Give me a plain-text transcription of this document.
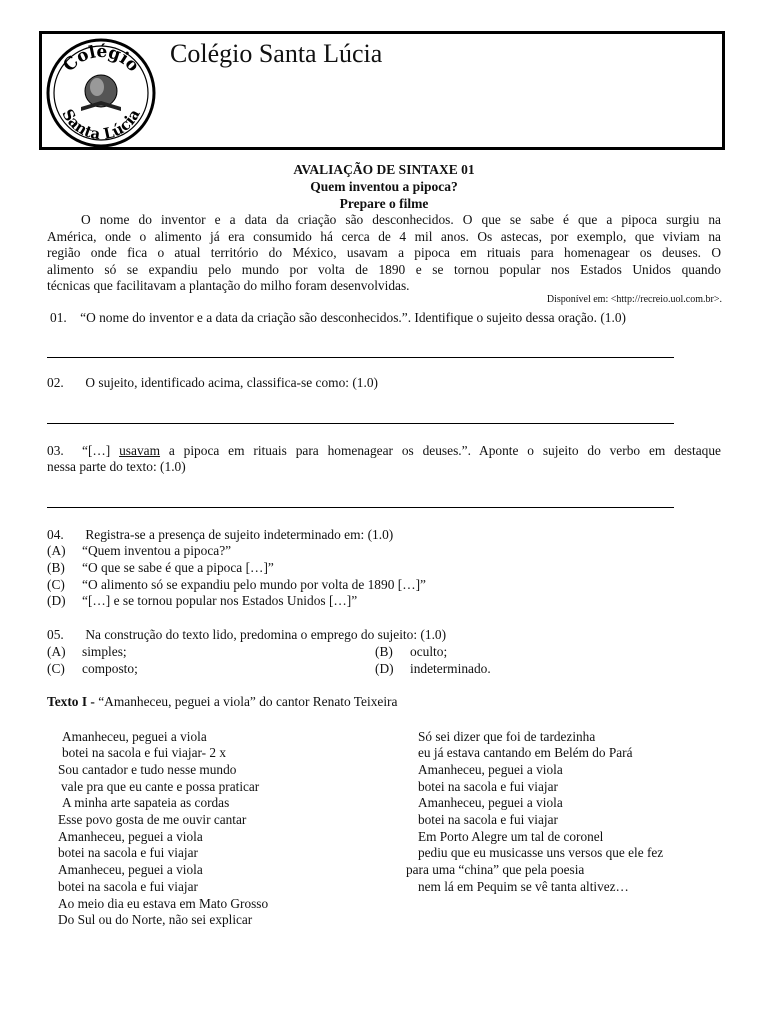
Colégio
Santa Lúcia
Colégio Santa Lúcia
AVALIAÇÃO DE SINTAXE 01
Quem inventou a pipoca?
Prepare o filme
O nome do inventor e a data da criação são desconhecidos. O que se sabe é que a pipoca surgiu na
América, onde o alimento já era consumido há cerca de 4 mil anos. Os astecas, por exemplo, que viviam na
região onde fica o atual território do México, usavam a pipoca em rituais para homenagear os deuses. O
alimento só se expandiu pelo mundo por volta de 1890 e se tornou popular nos Estados Unidos quando
técnicas que facilitavam a plantação do milho foram desenvolvidas.
Disponível em: <http://recreio.uol.com.br>.
01. “O nome do inventor e a data da criação são desconhecidos.”. Identifique o sujeito dessa oração. (1.0)
02. O sujeito, identificado acima, classifica-se como: (1.0)
03. “[…] usavam a pipoca em rituais para homenagear os deuses.”. Aponte o sujeito do verbo em destaque
nessa parte do texto: (1.0)
04. Registra-se a presença de sujeito indeterminado em: (1.0)
(A) “Quem inventou a pipoca?”
(B) “O que se sabe é que a pipoca […]”
(C) “O alimento só se expandiu pelo mundo por volta de 1890 […]”
(D) “[…] e se tornou popular nos Estados Unidos […]”
05. Na construção do texto lido, predomina o emprego do sujeito: (1.0)
(A) simples;	(B) oculto;
(C) composto;	(D) indeterminado.
Texto I - “Amanheceu, peguei a viola” do cantor Renato Teixeira
Amanheceu, peguei a viola
botei na sacola e fui viajar- 2 x
Sou cantador e tudo nesse mundo
vale pra que eu cante e possa praticar
A minha arte sapateia as cordas
Esse povo gosta de me ouvir cantar
Amanheceu, peguei a viola
botei na sacola e fui viajar
Amanheceu, peguei a viola
botei na sacola e fui viajar
Ao meio dia eu estava em Mato Grosso
Do Sul ou do Norte, não sei explicar
Só sei dizer que foi de tardezinha
eu já estava cantando em Belém do Pará
Amanheceu, peguei a viola
botei na sacola e fui viajar
Amanheceu, peguei a viola
botei na sacola e fui viajar
Em Porto Alegre um tal de coronel
pediu que eu musicasse uns versos que ele fez
para uma “china” que pela poesia
nem lá em Pequim se vê tanta altivez…
